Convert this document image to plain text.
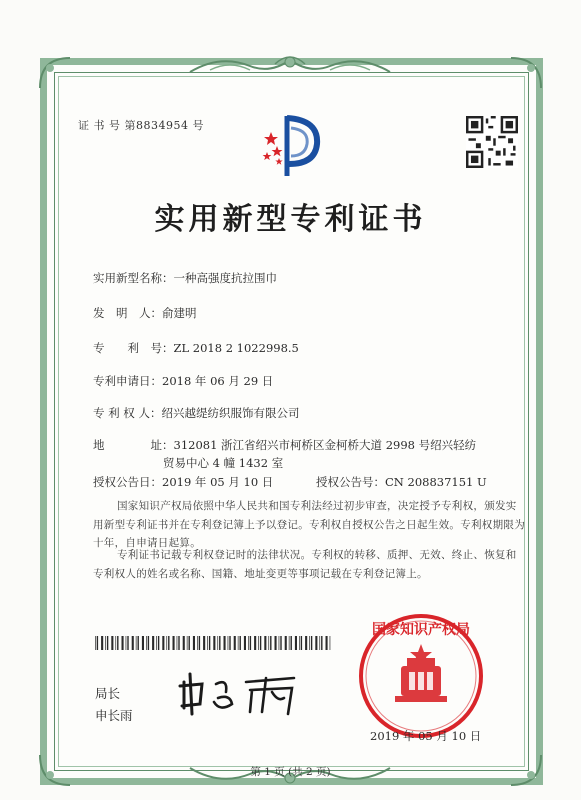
证 书 号 第8834954 号
实用新型专利证书
实用新型名称：一种高强度抗拉围巾
发　明　人：俞建明
专　　利　号：ZL 2018 2 1022998.5
专利申请日：2018 年 06 月 29 日
专 利 权 人：绍兴越缇纺织服饰有限公司
地　　　　址：312081 浙江省绍兴市柯桥区金柯桥大道 2998 号绍兴轻纺
贸易中心 4 幢 1432 室
授权公告日：2019 年 05 月 10 日	授权公告号：CN 208837151 U
国家知识产权局依照中华人民共和国专利法经过初步审查，决定授予专利权，颁发实用新型专利证书并在专利登记簿上予以登记。专利权自授权公告之日起生效。专利权期限为十年，自申请日起算。
专利证书记载专利权登记时的法律状况。专利权的转移、质押、无效、终止、恢复和专利权人的姓名或名称、国籍、地址变更等事项记载在专利登记簿上。
局长
申长雨
国家知识产权局
2019 年 05 月 10 日
第 1 页 (共 2 页)
